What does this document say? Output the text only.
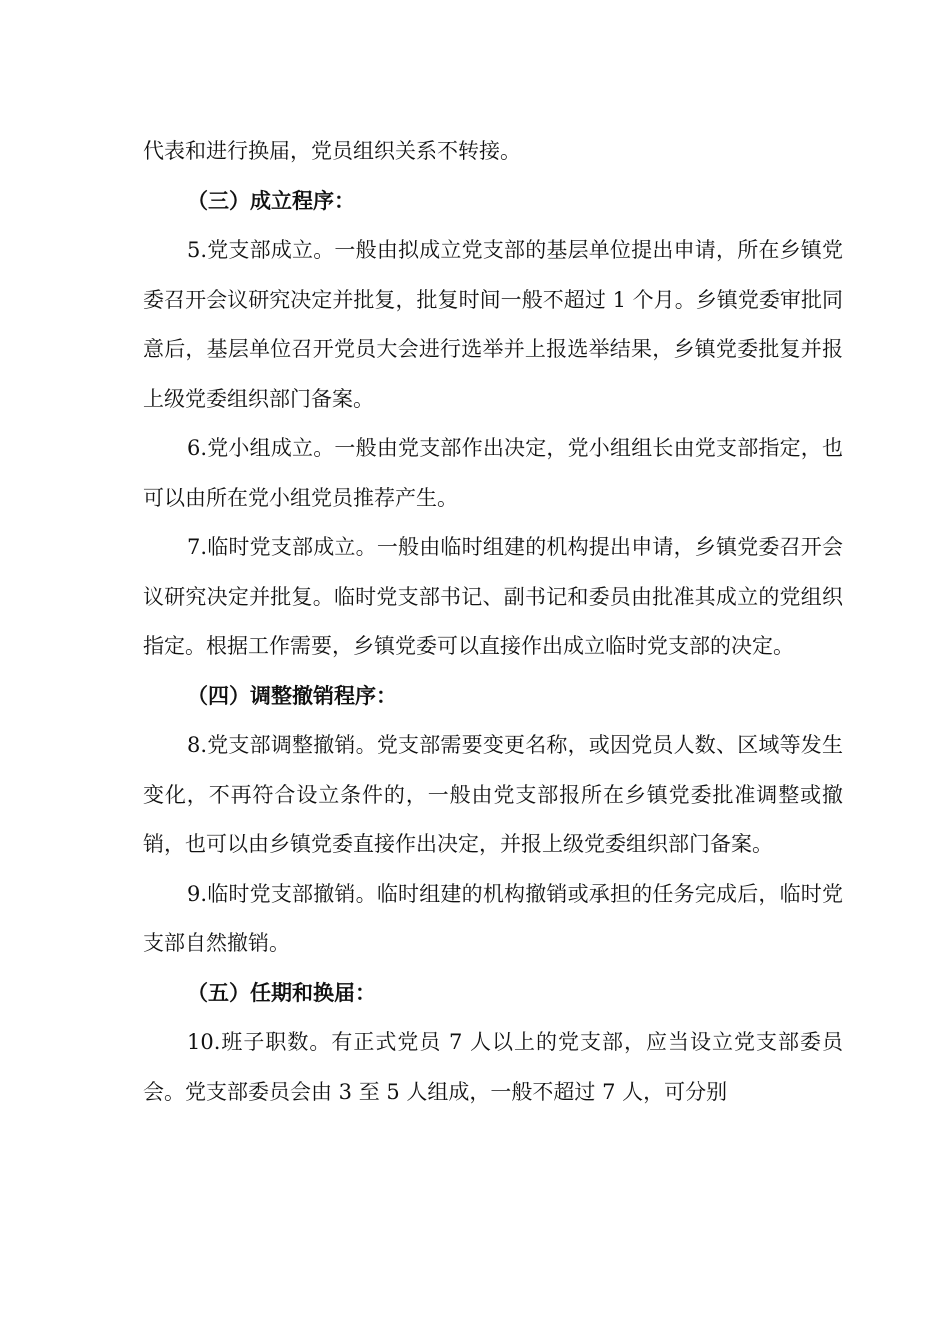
代表和进行换届，党员组织关系不转接。

（三）成立程序：

5.党支部成立。一般由拟成立党支部的基层单位提出申请，所在乡镇党委召开会议研究决定并批复，批复时间一般不超过 1 个月。乡镇党委审批同意后，基层单位召开党员大会进行选举并上报选举结果，乡镇党委批复并报上级党委组织部门备案。

6.党小组成立。一般由党支部作出决定，党小组组长由党支部指定，也可以由所在党小组党员推荐产生。

7.临时党支部成立。一般由临时组建的机构提出申请，乡镇党委召开会议研究决定并批复。临时党支部书记、副书记和委员由批准其成立的党组织指定。根据工作需要，乡镇党委可以直接作出成立临时党支部的决定。

（四）调整撤销程序：

8.党支部调整撤销。党支部需要变更名称，或因党员人数、区域等发生变化，不再符合设立条件的，一般由党支部报所在乡镇党委批准调整或撤销，也可以由乡镇党委直接作出决定，并报上级党委组织部门备案。

9.临时党支部撤销。临时组建的机构撤销或承担的任务完成后，临时党支部自然撤销。

（五）任期和换届：

10.班子职数。有正式党员 7 人以上的党支部，应当设立党支部委员会。党支部委员会由 3 至 5 人组成，一般不超过 7 人，可分别
